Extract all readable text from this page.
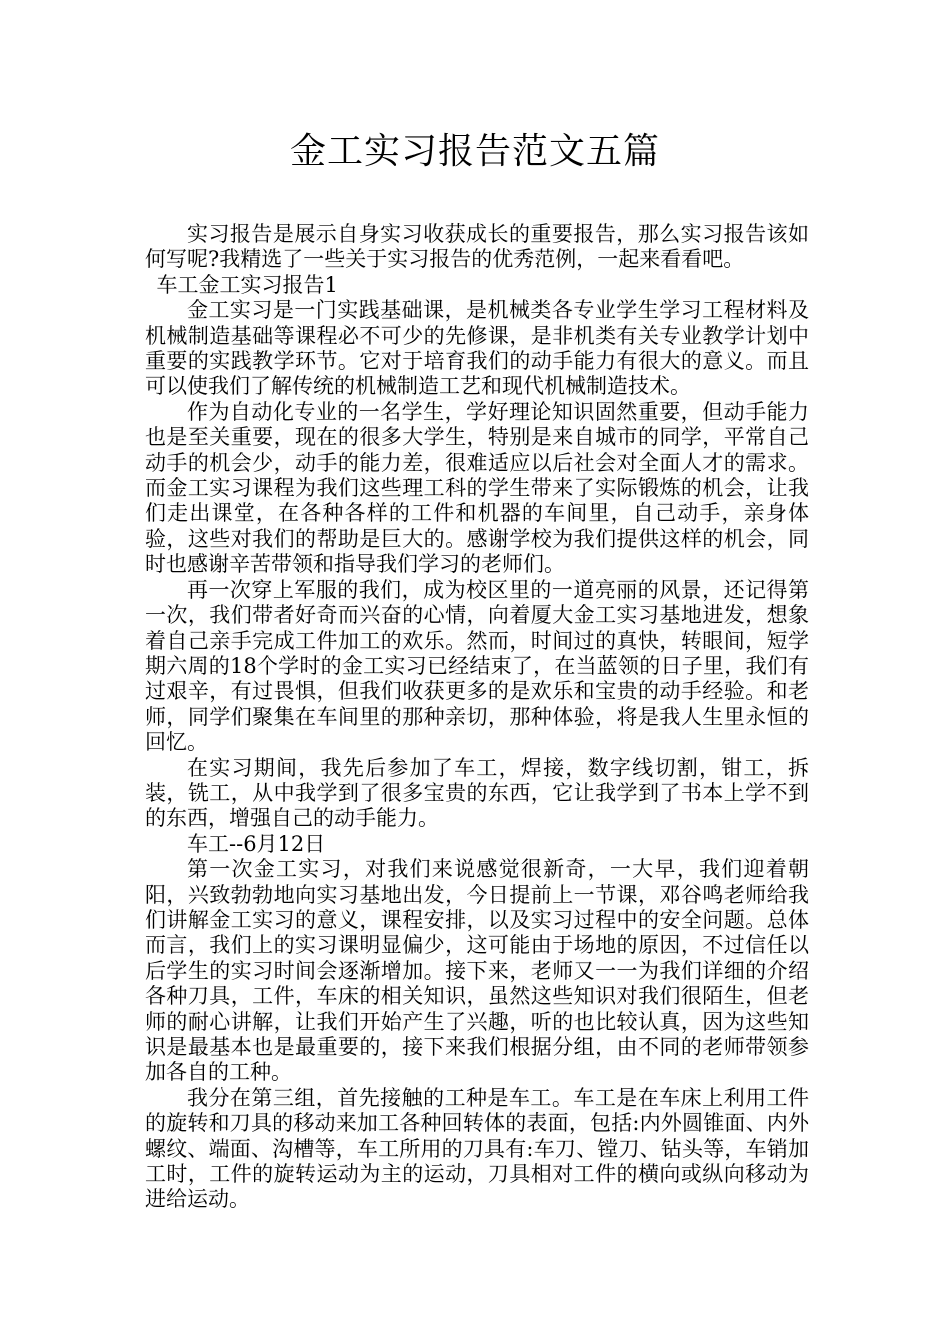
金工实习报告范文五篇

实习报告是展示自身实习收获成长的重要报告，那么实习报告该如何写呢?我精选了一些关于实习报告的优秀范例，一起来看看吧。

车工金工实习报告1

金工实习是一门实践基础课，是机械类各专业学生学习工程材料及机械制造基础等课程必不可少的先修课，是非机类有关专业教学计划中重要的实践教学环节。它对于培育我们的动手能力有很大的意义。而且可以使我们了解传统的机械制造工艺和现代机械制造技术。

作为自动化专业的一名学生，学好理论知识固然重要，但动手能力也是至关重要，现在的很多大学生，特别是来自城市的同学，平常自己动手的机会少，动手的能力差，很难适应以后社会对全面人才的需求。而金工实习课程为我们这些理工科的学生带来了实际锻炼的机会，让我们走出课堂，在各种各样的工件和机器的车间里，自己动手，亲身体验，这些对我们的帮助是巨大的。感谢学校为我们提供这样的机会，同时也感谢辛苦带领和指导我们学习的老师们。

再一次穿上军服的我们，成为校区里的一道亮丽的风景，还记得第一次，我们带者好奇而兴奋的心情，向着厦大金工实习基地进发，想象着自己亲手完成工件加工的欢乐。然而，时间过的真快，转眼间，短学期六周的18个学时的金工实习已经结束了，在当蓝领的日子里，我们有过艰辛，有过畏惧，但我们收获更多的是欢乐和宝贵的动手经验。和老师，同学们聚集在车间里的那种亲切，那种体验，将是我人生里永恒的回忆。

在实习期间，我先后参加了车工，焊接，数字线切割，钳工，拆装，铣工，从中我学到了很多宝贵的东西，它让我学到了书本上学不到的东西，增强自己的动手能力。

车工--6月12日

第一次金工实习，对我们来说感觉很新奇，一大早，我们迎着朝阳，兴致勃勃地向实习基地出发，今日提前上一节课，邓谷鸣老师给我们讲解金工实习的意义，课程安排，以及实习过程中的安全问题。总体而言，我们上的实习课明显偏少，这可能由于场地的原因，不过信任以后学生的实习时间会逐渐增加。接下来，老师又一一为我们详细的介绍各种刀具，工件，车床的相关知识，虽然这些知识对我们很陌生，但老师的耐心讲解，让我们开始产生了兴趣，听的也比较认真，因为这些知识是最基本也是最重要的，接下来我们根据分组，由不同的老师带领参加各自的工种。

我分在第三组，首先接触的工种是车工。车工是在车床上利用工件的旋转和刀具的移动来加工各种回转体的表面，包括:内外圆锥面、内外螺纹、端面、沟槽等，车工所用的刀具有:车刀、镗刀、钻头等，车销加工时，工件的旋转运动为主的运动，刀具相对工件的横向或纵向移动为进给运动。
